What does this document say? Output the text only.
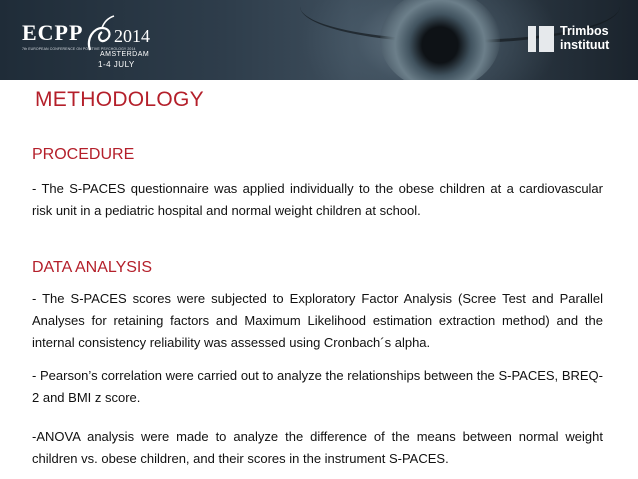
ECPP 2014
7th EUROPEAN CONFERENCE ON POSITIVE PSYCHOLOGY 2014
AMSTERDAM
1-4 JULY
Trimbos
instituut
METHODOLOGY
PROCEDURE
- The S-PACES questionnaire was applied individually to the obese children at a cardiovascular risk unit in a pediatric hospital and normal weight children at school.
DATA ANALYSIS
- The S-PACES scores were subjected to Exploratory Factor Analysis (Scree Test and Parallel Analyses for retaining factors and Maximum Likelihood estimation extraction method) and the internal consistency reliability was assessed using Cronbach´s alpha.
- Pearson’s correlation were carried out to analyze the relationships between the S-PACES, BREQ-2 and BMI z score.
-ANOVA analysis were made to analyze the difference of the means between normal weight children vs. obese children, and their scores in the instrument S-PACES.
